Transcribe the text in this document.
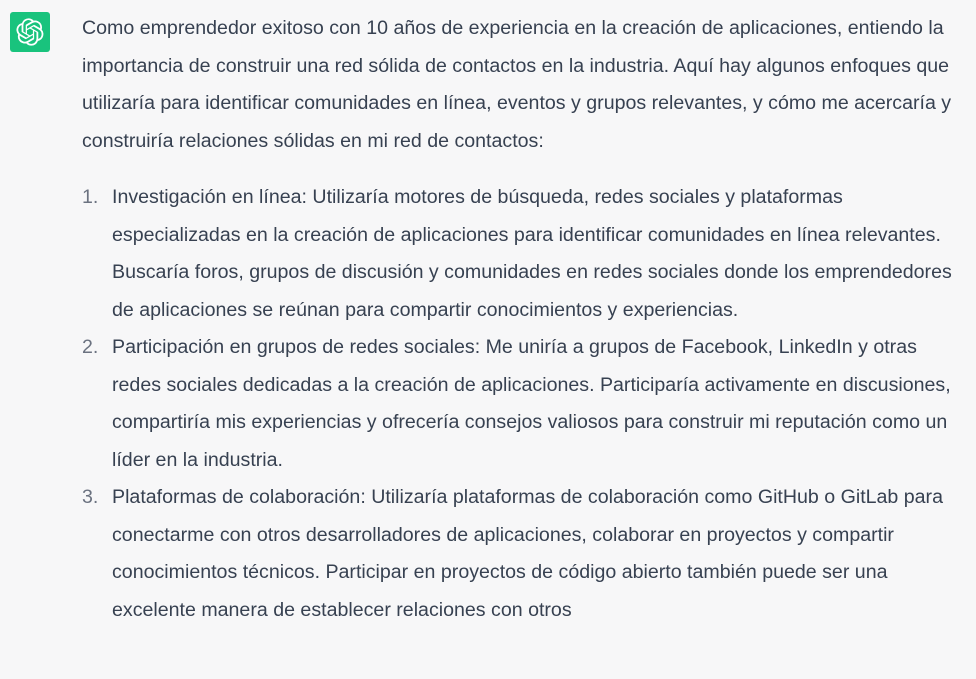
Como emprendedor exitoso con 10 años de experiencia en la creación de aplicaciones, entiendo la importancia de construir una red sólida de contactos en la industria. Aquí hay algunos enfoques que utilizaría para identificar comunidades en línea, eventos y grupos relevantes, y cómo me acercaría y construiría relaciones sólidas en mi red de contactos:

1. Investigación en línea: Utilizaría motores de búsqueda, redes sociales y plataformas especializadas en la creación de aplicaciones para identificar comunidades en línea relevantes. Buscaría foros, grupos de discusión y comunidades en redes sociales donde los emprendedores de aplicaciones se reúnan para compartir conocimientos y experiencias.
2. Participación en grupos de redes sociales: Me uniría a grupos de Facebook, LinkedIn y otras redes sociales dedicadas a la creación de aplicaciones. Participaría activamente en discusiones, compartiría mis experiencias y ofrecería consejos valiosos para construir mi reputación como un líder en la industria.
3. Plataformas de colaboración: Utilizaría plataformas de colaboración como GitHub o GitLab para conectarme con otros desarrolladores de aplicaciones, colaborar en proyectos y compartir conocimientos técnicos. Participar en proyectos de código abierto también puede ser una excelente manera de establecer relaciones con otros
